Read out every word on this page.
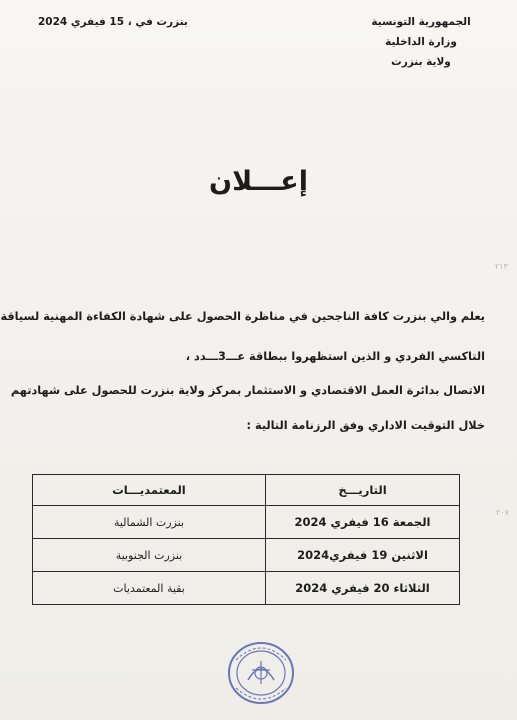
الجمهورية التونسية
وزارة الداخلية
ولاية بنزرت
بنزرت في ، 15 فيفري 2024
إعـــلان
٢١٣
٢٠٧
يعلم والي بنزرت كافة الناجحين في مناظرة الحصول على شهادة الكفاءة المهنية لسياقة
التاكسي الفردي و الذين استظهروا ببطاقة عـــ3ـــدد ،
الاتصال بدائرة العمل الاقتصادي و الاستثمار بمركز ولاية بنزرت للحصول على شهادتهم
خلال التوقيت الاداري وفق الرزنامة التالية :
التاريـــخ	المعتمديـــات
الجمعة 16 فيفري 2024	بنزرت الشمالية
الاثنين 19 فيفري2024	بنزرت الجنوبية
الثلاثاء 20 فيفري 2024	بقية المعتمديات
